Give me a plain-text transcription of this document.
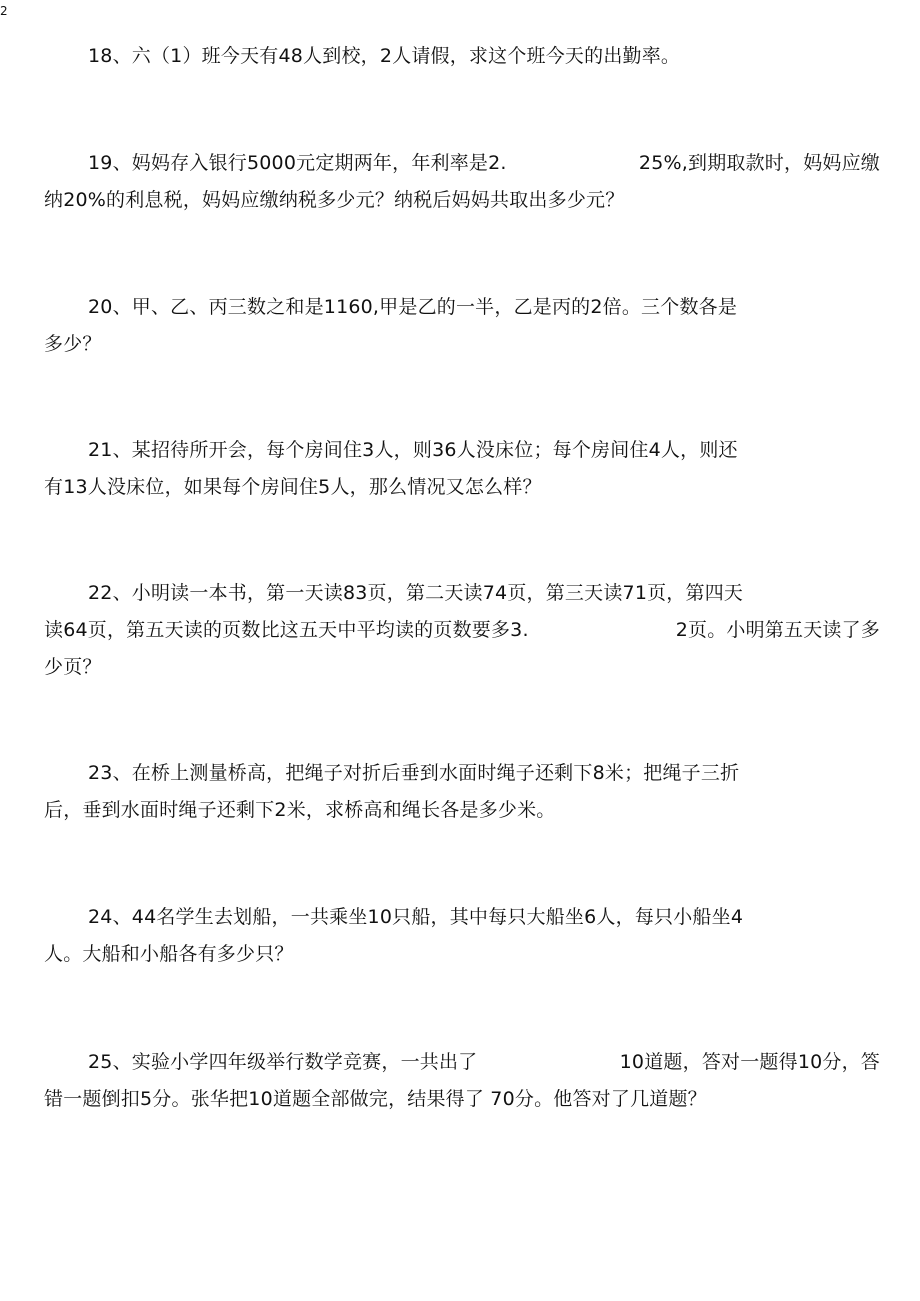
2
18、六（1）班今天有48人到校，2人请假，求这个班今天的出勤率。
19、妈妈存入银行5000元定期两年，年利率是2.	25%,到期取款时，妈妈应缴
纳20%的利息税，妈妈应缴纳税多少元？纳税后妈妈共取出多少元？
20、甲、乙、丙三数之和是1160,甲是乙的一半，乙是丙的2倍。三个数各是
多少？
21、某招待所开会，每个房间住3人，则36人没床位；每个房间住4人，则还
有13人没床位，如果每个房间住5人，那么情况又怎么样？
22、小明读一本书，第一天读83页，第二天读74页，第三天读71页，第四天
读64页，第五天读的页数比这五天中平均读的页数要多3.	2页。小明第五天读了多
少页？
23、在桥上测量桥高，把绳子对折后垂到水面时绳子还剩下8米；把绳子三折
后，垂到水面时绳子还剩下2米，求桥高和绳长各是多少米。
24、44名学生去划船，一共乘坐10只船，其中每只大船坐6人，每只小船坐4
人。大船和小船各有多少只？
25、实验小学四年级举行数学竞赛，一共出了	10道题，答对一题得10分，答
错一题倒扣5分。张华把10道题全部做完，结果得了 70分。他答对了几道题？
